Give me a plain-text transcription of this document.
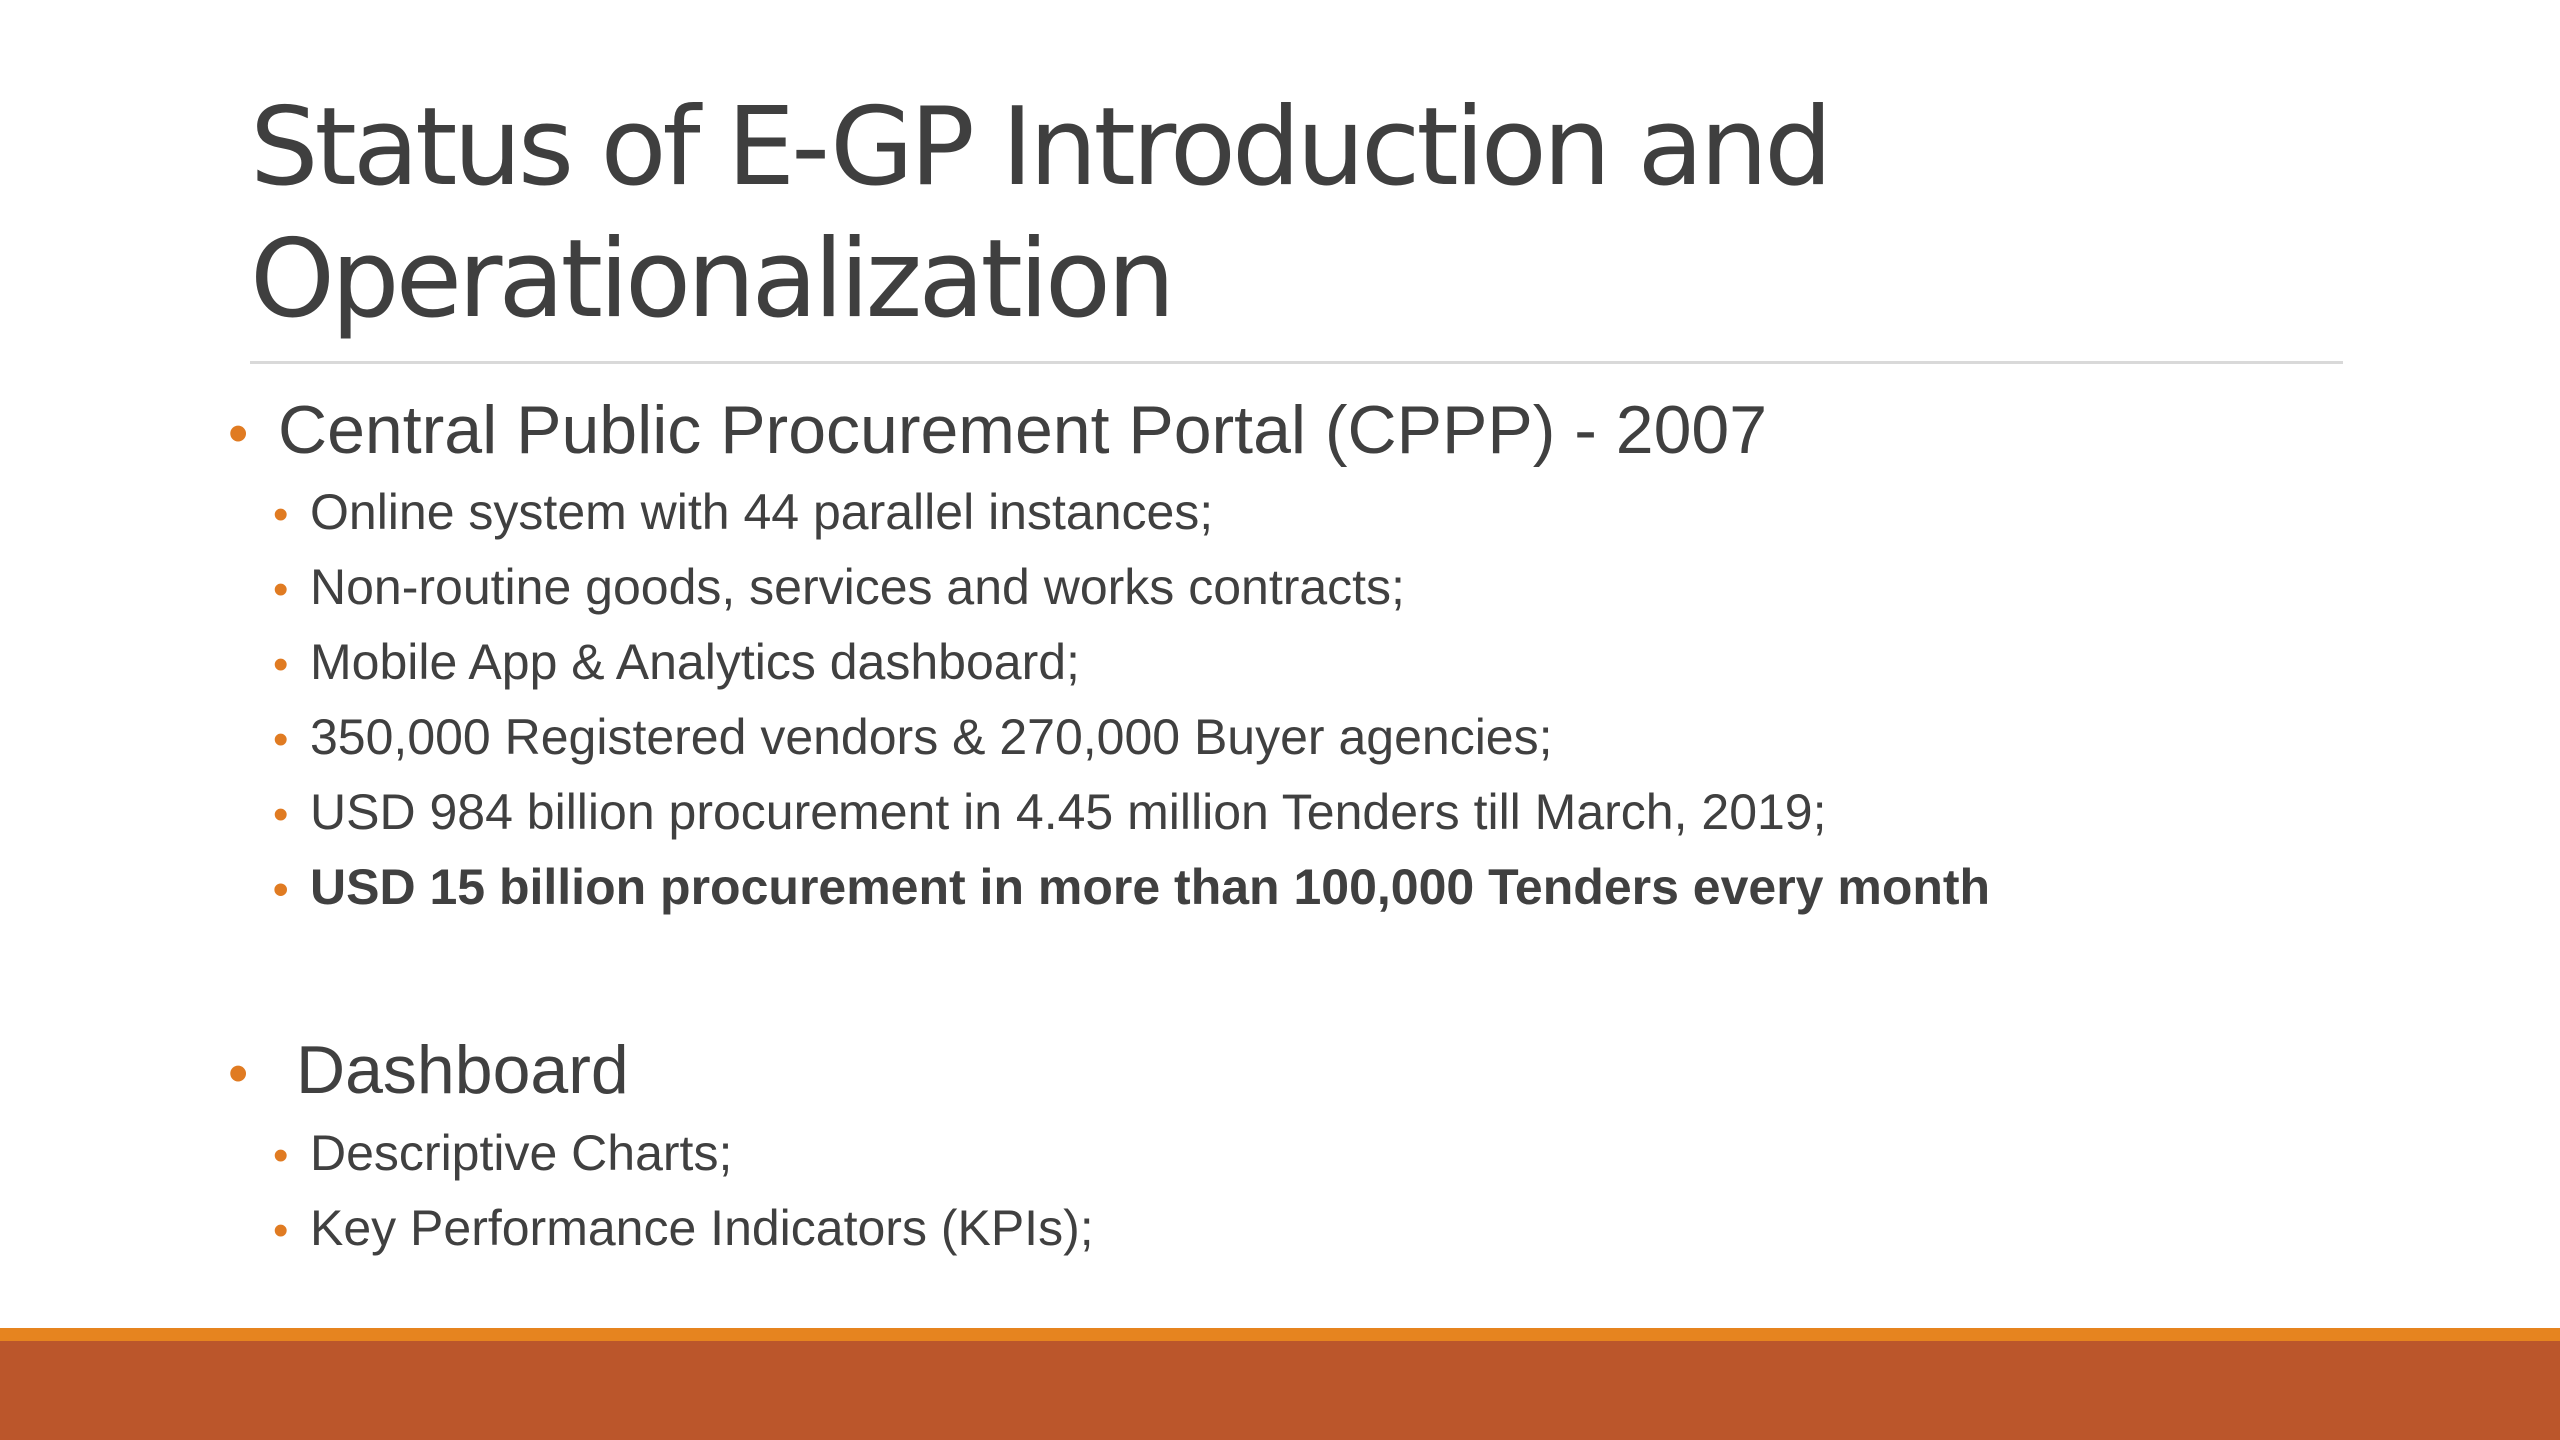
Status of E-GP Introduction and
Operationalization
• Central Public Procurement Portal (CPPP) - 2007
• Online system with 44 parallel instances;
• Non-routine goods, services and works contracts;
• Mobile App & Analytics dashboard;
• 350,000 Registered vendors & 270,000 Buyer agencies;
• USD 984 billion procurement in 4.45 million Tenders till March, 2019;
• USD 15 billion procurement in more than 100,000 Tenders every month
• Dashboard
• Descriptive Charts;
• Key Performance Indicators (KPIs);
